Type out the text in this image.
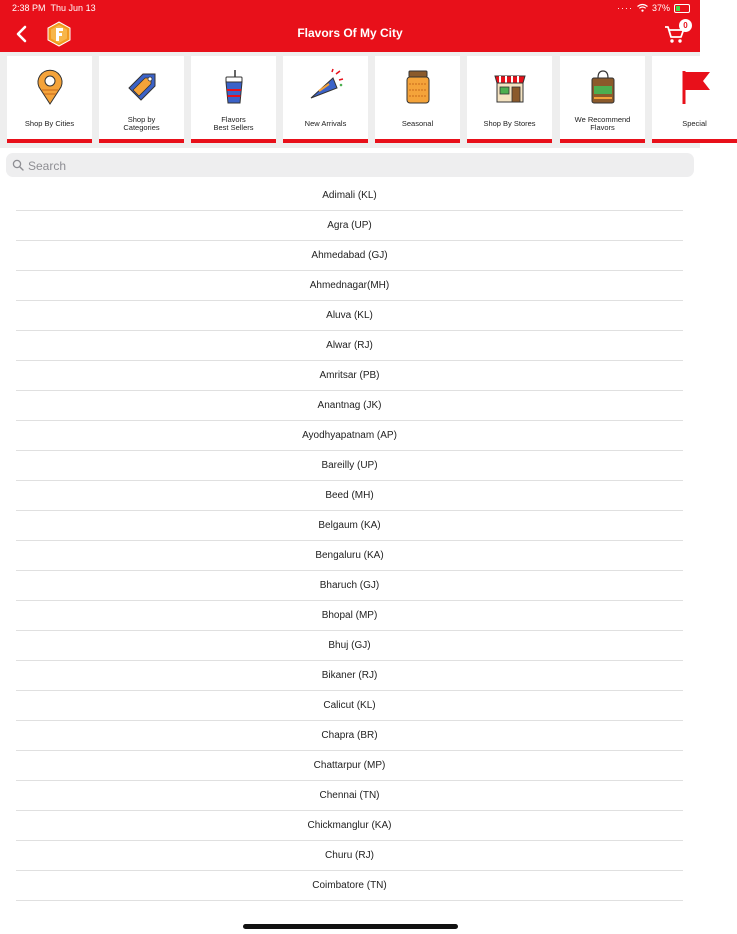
2:38 PM Thu Jun 13	···· 37%
Flavors Of My City
0
Shop By Cities	Shop by
Categories
Flavors
Best Sellers	New Arrivals	Seasonal	Shop By Stores	We Recommend
Flavors	Special
Search
Adimali (KL)
Agra (UP)
Ahmedabad (GJ)
Ahmednagar(MH)
Aluva (KL)
Alwar (RJ)
Amritsar (PB)
Anantnag (JK)
Ayodhyapatnam (AP)
Bareilly (UP)
Beed (MH)
Belgaum (KA)
Bengaluru (KA)
Bharuch (GJ)
Bhopal (MP)
Bhuj (GJ)
Bikaner (RJ)
Calicut (KL)
Chapra (BR)
Chattarpur (MP)
Chennai (TN)
Chickmanglur (KA)
Churu (RJ)
Coimbatore (TN)
